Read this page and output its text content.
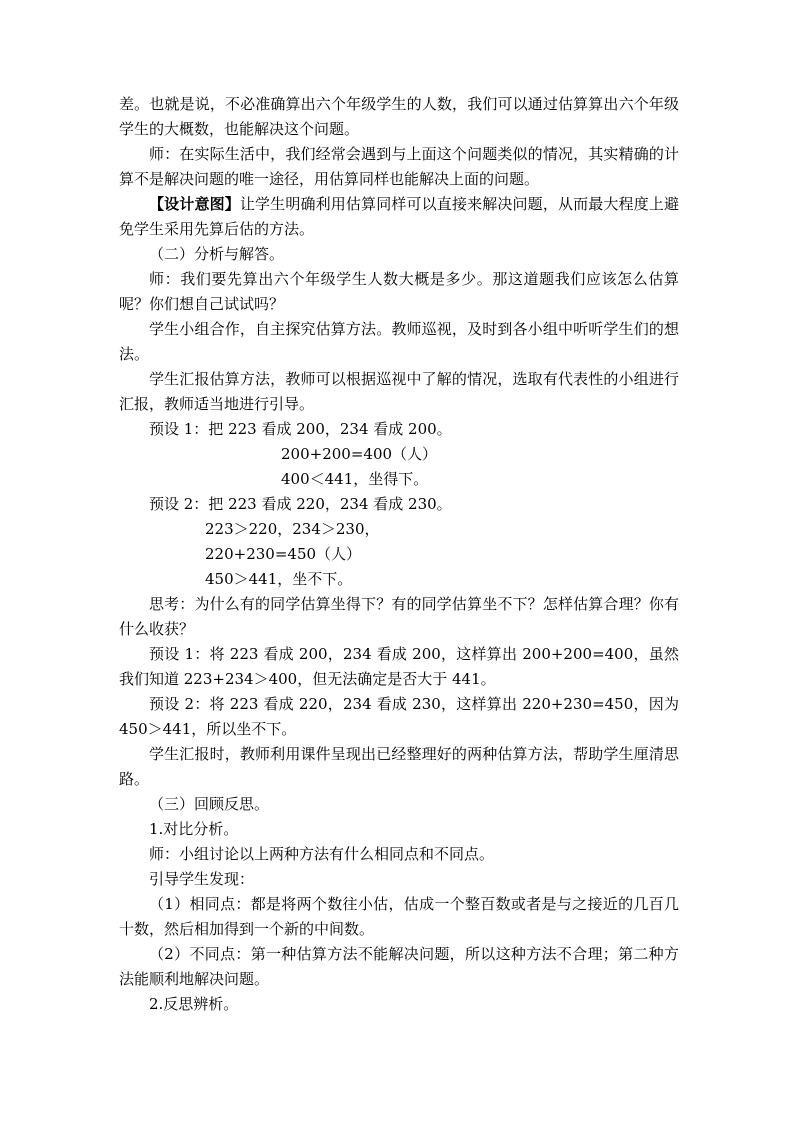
差。也就是说，不必准确算出六个年级学生的人数，我们可以通过估算算出六个年级学生的大概数，也能解决这个问题。

师：在实际生活中，我们经常会遇到与上面这个问题类似的情况，其实精确的计算不是解决问题的唯一途径，用估算同样也能解决上面的问题。

【设计意图】让学生明确利用估算同样可以直接来解决问题，从而最大程度上避免学生采用先算后估的方法。

（二）分析与解答。

师：我们要先算出六个年级学生人数大概是多少。那这道题我们应该怎么估算呢？你们想自己试试吗？

学生小组合作，自主探究估算方法。教师巡视，及时到各小组中听听学生们的想法。

学生汇报估算方法，教师可以根据巡视中了解的情况，选取有代表性的小组进行汇报，教师适当地进行引导。

预设 1：把 223 看成 200，234 看成 200。

200+200=400（人）

400＜441，坐得下。

预设 2：把 223 看成 220，234 看成 230。

223＞220，234＞230，

220+230=450（人）

450＞441，坐不下。

思考：为什么有的同学估算坐得下？有的同学估算坐不下？怎样估算合理？你有什么收获？

预设 1：将 223 看成 200，234 看成 200，这样算出 200+200=400，虽然我们知道 223+234＞400，但无法确定是否大于 441。

预设 2：将 223 看成 220，234 看成 230，这样算出 220+230=450，因为 450＞441，所以坐不下。

学生汇报时，教师利用课件呈现出已经整理好的两种估算方法，帮助学生厘清思路。

（三）回顾反思。

1.对比分析。

师：小组讨论以上两种方法有什么相同点和不同点。

引导学生发现：

（1）相同点：都是将两个数往小估，估成一个整百数或者是与之接近的几百几十数，然后相加得到一个新的中间数。

（2）不同点：第一种估算方法不能解决问题，所以这种方法不合理；第二种方法能顺利地解决问题。

2.反思辨析。
